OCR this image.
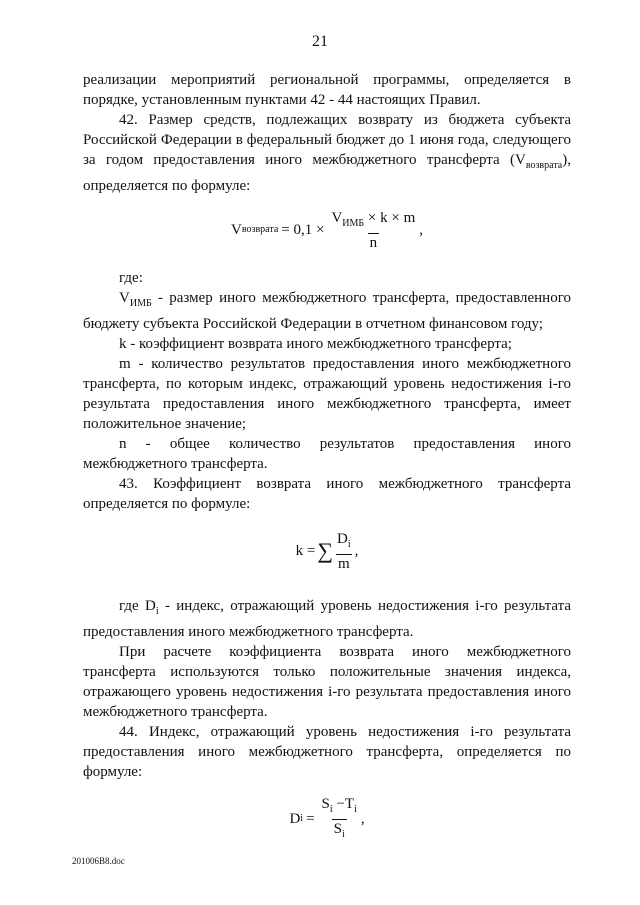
21

реализации мероприятий региональной программы, определяется в порядке, установленным пунктами 42 - 44 настоящих Правил.

42. Размер средств, подлежащих возврату из бюджета субъекта Российской Федерации в федеральный бюджет до 1 июня года, следующего за годом предоставления иного межбюджетного трансферта $(V_{возврата})$, определяется по формуле:

V возврата = $0,1 \times \frac{V_{ИМБ} \times k \times m}{n}$ ,

где:

$V_{ИМБ}$ - размер иного межбюджетного трансферта, предоставленного бюджету субъекта Российской Федерации в отчетном финансовом году;

k - коэффициент возврата иного межбюджетного трансферта;

m - количество результатов предоставления иного межбюджетного трансферта, по которым индекс, отражающий уровень недостижения i-го результата предоставления иного межбюджетного трансферта, имеет положительное значение;

n - общее количество результатов предоставления иного межбюджетного трансферта.

43. Коэффициент возврата иного межбюджетного трансферта определяется по формуле:

k = ∑ $\frac{D_i}{m}$ ,

где $D_i$ - индекс, отражающий уровень недостижения i-го результата предоставления иного межбюджетного трансферта.

При расчете коэффициента возврата иного межбюджетного трансферта используются только положительные значения индекса, отражающего уровень недостижения i-го результата предоставления иного межбюджетного трансферта.

44. Индекс, отражающий уровень недостижения i-го результата предоставления иного межбюджетного трансферта, определяется по формуле:

D $i = \frac{S_i -T_i}{S_i}$ ,
201006B8.doc
